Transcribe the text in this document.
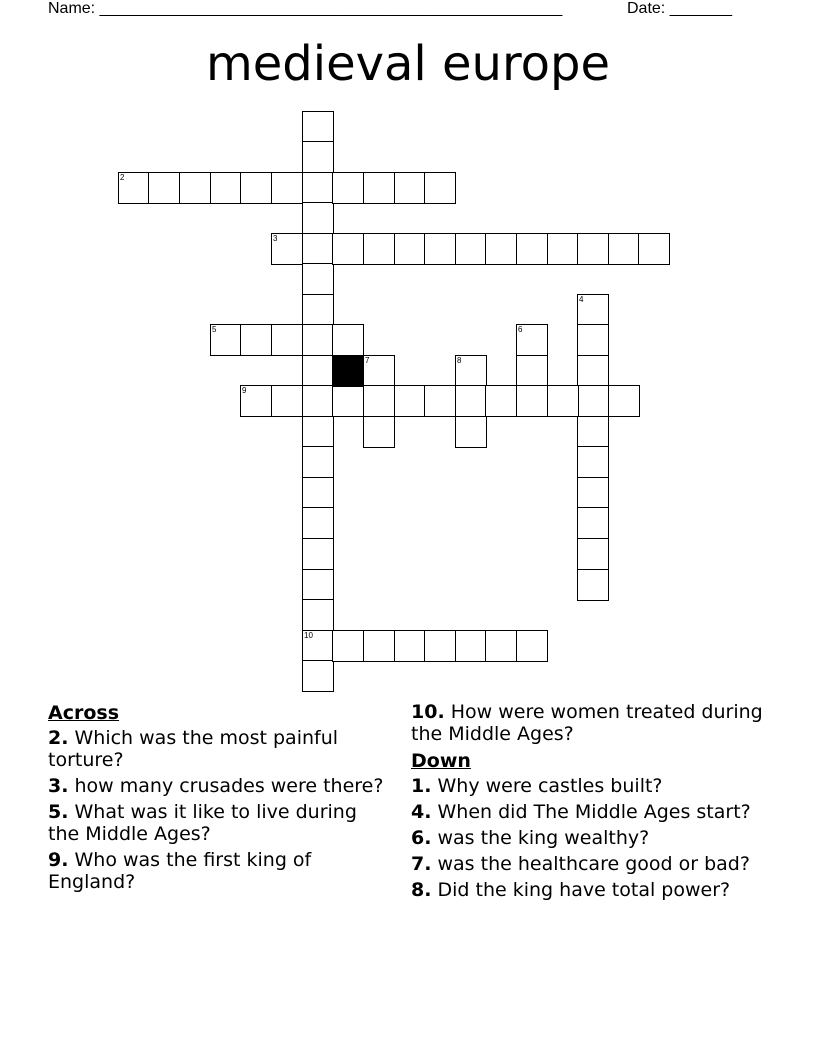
Name: ____________________________________________________	Date: _______
medieval europe
10
2
3
4
5	6
7	8
9
Across
2. Which was the most painful torture?
3. how many crusades were there?
5. What was it like to live during the Middle Ages?
9. Who was the first king of England?
10. How were women treated during the Middle Ages?
Down
1. Why were castles built?
4. When did The Middle Ages start?
6. was the king wealthy?
7. was the healthcare good or bad?
8. Did the king have total power?
